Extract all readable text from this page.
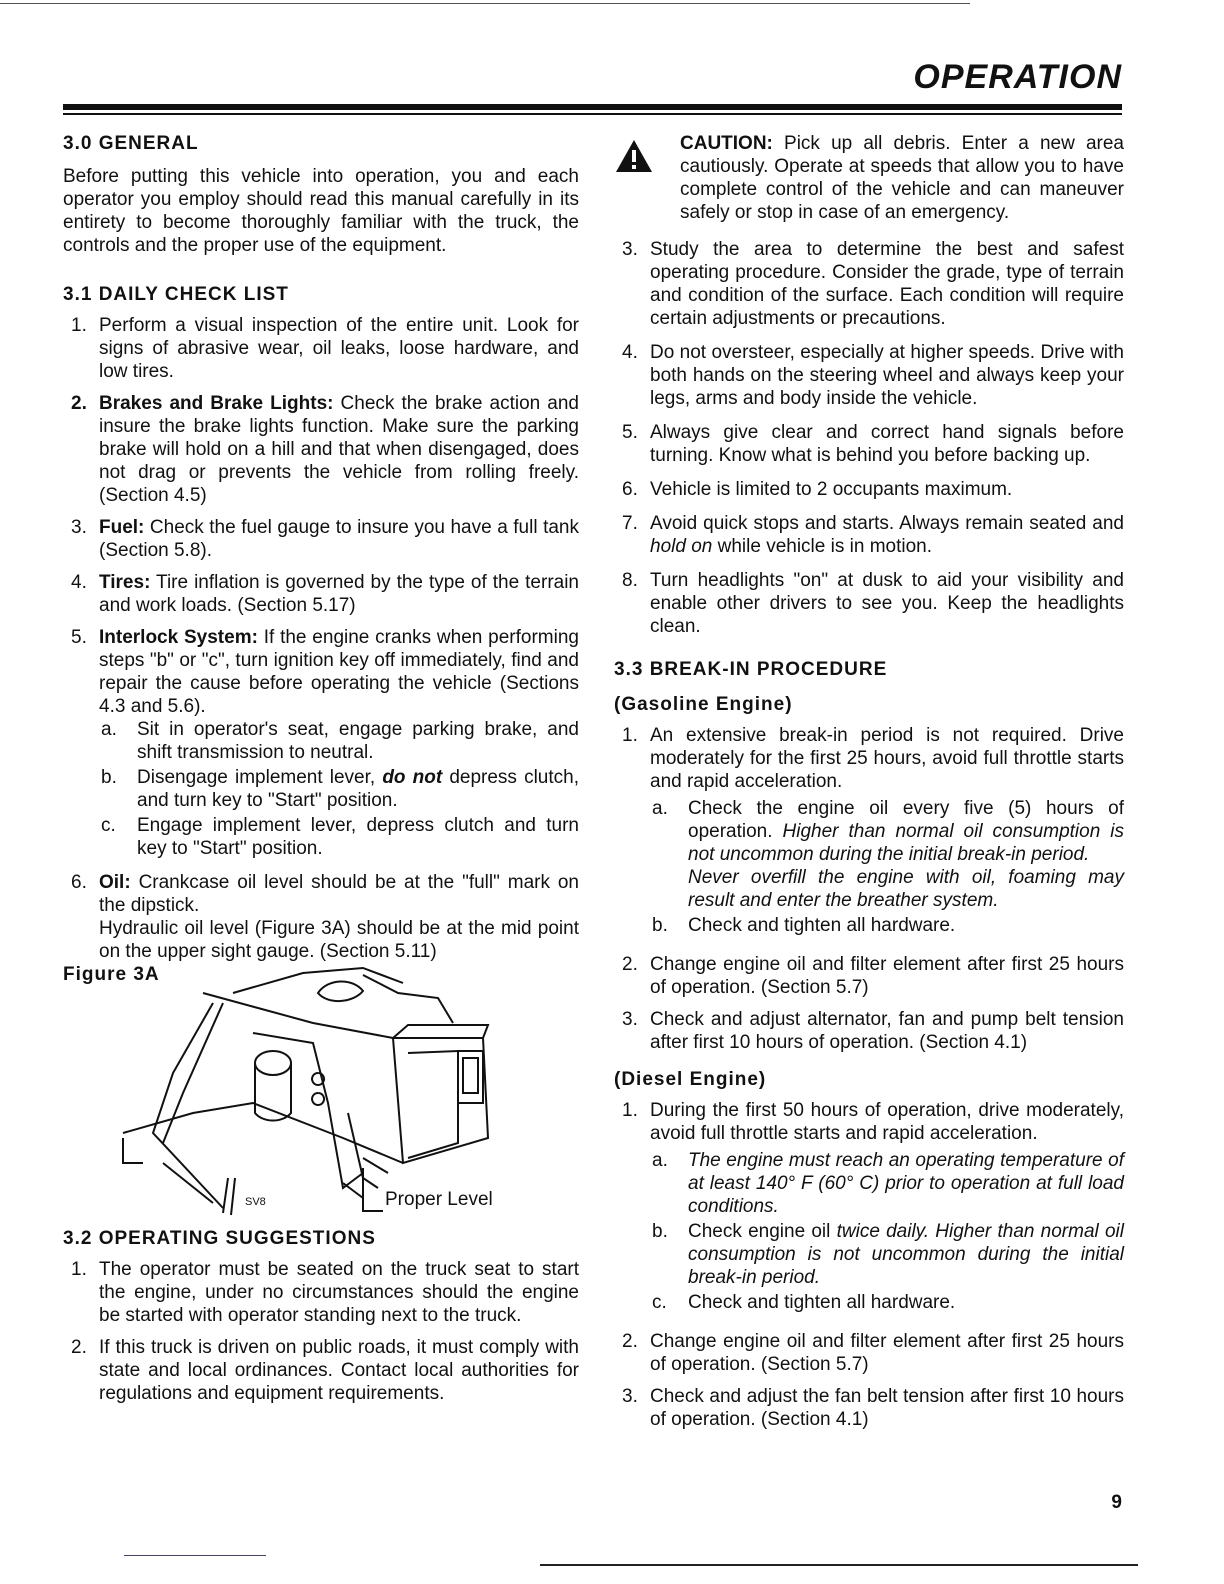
OPERATION
3.0 GENERAL

Before putting this vehicle into operation, you and each operator you employ should read this manual carefully in its entirety to become thoroughly familiar with the truck, the controls and the proper use of the equipment.

3.1 DAILY CHECK LIST
1. Perform a visual inspection of the entire unit. Look for signs of abrasive wear, oil leaks, loose hardware, and low tires.
2. Brakes and Brake Lights: Check the brake action and insure the brake lights function. Make sure the parking brake will hold on a hill and that when disengaged, does not drag or prevents the vehicle from rolling freely. (Section 4.5)
3. Fuel: Check the fuel gauge to insure you have a full tank (Section 5.8).
4. Tires: Tire inflation is governed by the type of the terrain and work loads. (Section 5.17)
5. Interlock System: If the engine cranks when performing steps "b" or "c", turn ignition key off immediately, find and repair the cause before operating the vehicle (Sections 4.3 and 5.6).
a.	Sit in operator's seat, engage parking brake, and shift transmission to neutral.
b.	Disengage implement lever, do not depress clutch, and turn key to "Start" position.
c.	Engage implement lever, depress clutch and turn key to "Start" position.
6. Oil: Crankcase oil level should be at the "full" mark on the dipstick.
Hydraulic oil level (Figure 3A) should be at the mid point on the upper sight gauge. (Section 5.11)
Figure 3A
SV8	Proper Level
3.2 OPERATING SUGGESTIONS
1. The operator must be seated on the truck seat to start the engine, under no circumstances should the engine be started with operator standing next to the truck.
2. If this truck is driven on public roads, it must comply with state and local ordinances. Contact local authorities for regulations and equipment requirements.
CAUTION: Pick up all debris. Enter a new area cautiously. Operate at speeds that allow you to have complete control of the vehicle and can maneuver safely or stop in case of an emergency.
3. Study the area to determine the best and safest operating procedure. Consider the grade, type of terrain and condition of the surface. Each condition will require certain adjustments or precautions.
4. Do not oversteer, especially at higher speeds. Drive with both hands on the steering wheel and always keep your legs, arms and body inside the vehicle.
5. Always give clear and correct hand signals before turning. Know what is behind you before backing up.
6. Vehicle is limited to 2 occupants maximum.
7. Avoid quick stops and starts. Always remain seated and hold on while vehicle is in motion.
8. Turn headlights "on" at dusk to aid your visibility and enable other drivers to see you. Keep the headlights clean.
3.3 BREAK-IN PROCEDURE
(Gasoline Engine)
1. An extensive break-in period is not required. Drive moderately for the first 25 hours, avoid full throttle starts and rapid acceleration.
a.	Check the engine oil every five (5) hours of operation. Higher than normal oil consumption is not uncommon during the initial break-in period.
Never overfill the engine with oil, foaming may result and enter the breather system.
b.	Check and tighten all hardware.
2. Change engine oil and filter element after first 25 hours of operation. (Section 5.7)
3. Check and adjust alternator, fan and pump belt tension after first 10 hours of operation. (Section 4.1)
(Diesel Engine)
1. During the first 50 hours of operation, drive moderately, avoid full throttle starts and rapid acceleration.
a.	The engine must reach an operating temperature of at least 140° F (60° C) prior to operation at full load conditions.
b.	Check engine oil twice daily. Higher than normal oil consumption is not uncommon during the initial break-in period.
c.	Check and tighten all hardware.
2. Change engine oil and filter element after first 25 hours of operation. (Section 5.7)
3. Check and adjust the fan belt tension after first 10 hours of operation. (Section 4.1)
9
